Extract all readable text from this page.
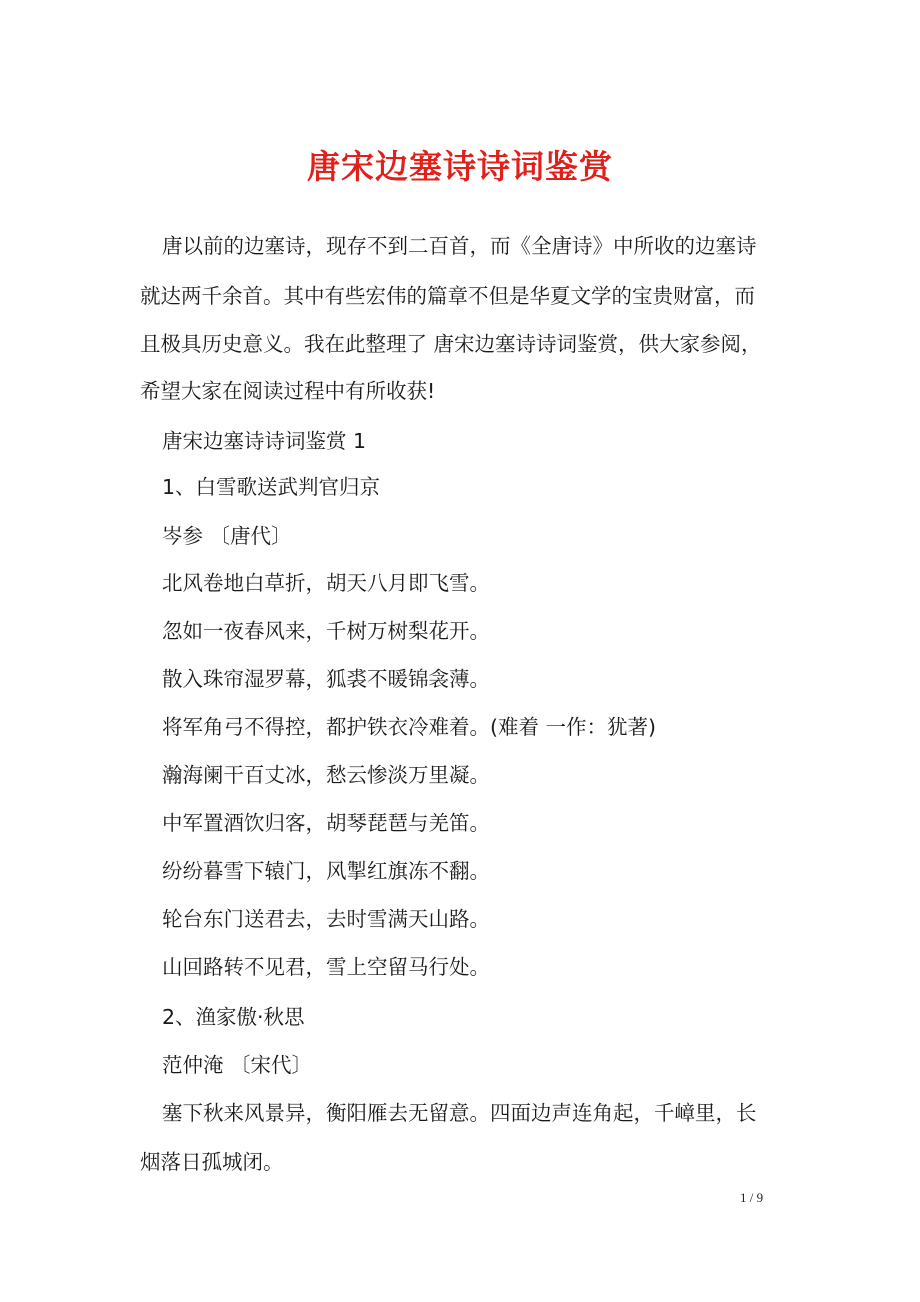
唐宋边塞诗诗词鉴赏

唐以前的边塞诗，现存不到二百首，而《全唐诗》中所收的边塞诗

就达两千余首。其中有些宏伟的篇章不但是华夏文学的宝贵财富，而

且极具历史意义。我在此整理了 唐宋边塞诗诗词鉴赏，供大家参阅，

希望大家在阅读过程中有所收获!

唐宋边塞诗诗词鉴赏 1

1、白雪歌送武判官归京

岑参 〔唐代〕

北风卷地白草折，胡天八月即飞雪。

忽如一夜春风来，千树万树梨花开。

散入珠帘湿罗幕，狐裘不暖锦衾薄。

将军角弓不得控，都护铁衣冷难着。(难着 一作：犹著)

瀚海阑干百丈冰，愁云惨淡万里凝。

中军置酒饮归客，胡琴琵琶与羌笛。

纷纷暮雪下辕门，风掣红旗冻不翻。

轮台东门送君去，去时雪满天山路。

山回路转不见君，雪上空留马行处。

2、渔家傲·秋思

范仲淹 〔宋代〕

塞下秋来风景异，衡阳雁去无留意。四面边声连角起，千嶂里，长

烟落日孤城闭。

1 / 9
